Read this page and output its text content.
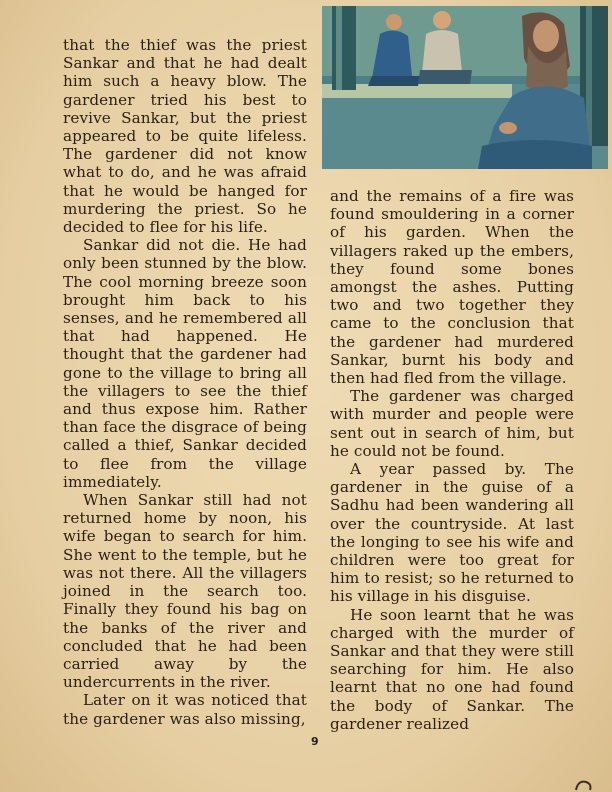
that the thief was the priest Sankar and that he had dealt him such a heavy blow. The gardener tried his best to revive Sankar, but the priest appeared to be quite lifeless. The gardener did not know what to do, and he was afraid that he would be hanged for murdering the priest. So he decided to flee for his life.

Sankar did not die. He had only been stunned by the blow. The cool morning breeze soon brought him back to his senses, and he remembered all that had happened. He thought that the gardener had gone to the village to bring all the villagers to see the thief and thus expose him. Rather than face the disgrace of being called a thief, Sankar decided to flee from the village immediately.

When Sankar still had not returned home by noon, his wife began to search for him. She went to the temple, but he was not there. All the villagers joined in the search too. Finally they found his bag on the banks of the river and concluded that he had been carried away by the undercurrents in the river.

Later on it was noticed that the gardener was also missing,

and the remains of a fire was found smouldering in a corner of his garden. When the villagers raked up the embers, they found some bones amongst the ashes. Putting two and two together they came to the conclusion that the gardener had murdered Sankar, burnt his body and then had fled from the village.

The gardener was charged with murder and people were sent out in search of him, but he could not be found.

A year passed by. The gardener in the guise of a Sadhu had been wandering all over the countryside. At last the longing to see his wife and children were too great for him to resist; so he returned to his village in his disguise.

He soon learnt that he was charged with the murder of Sankar and that they were still searching for him. He also learnt that no one had found the body of Sankar. The gardener realized

9
